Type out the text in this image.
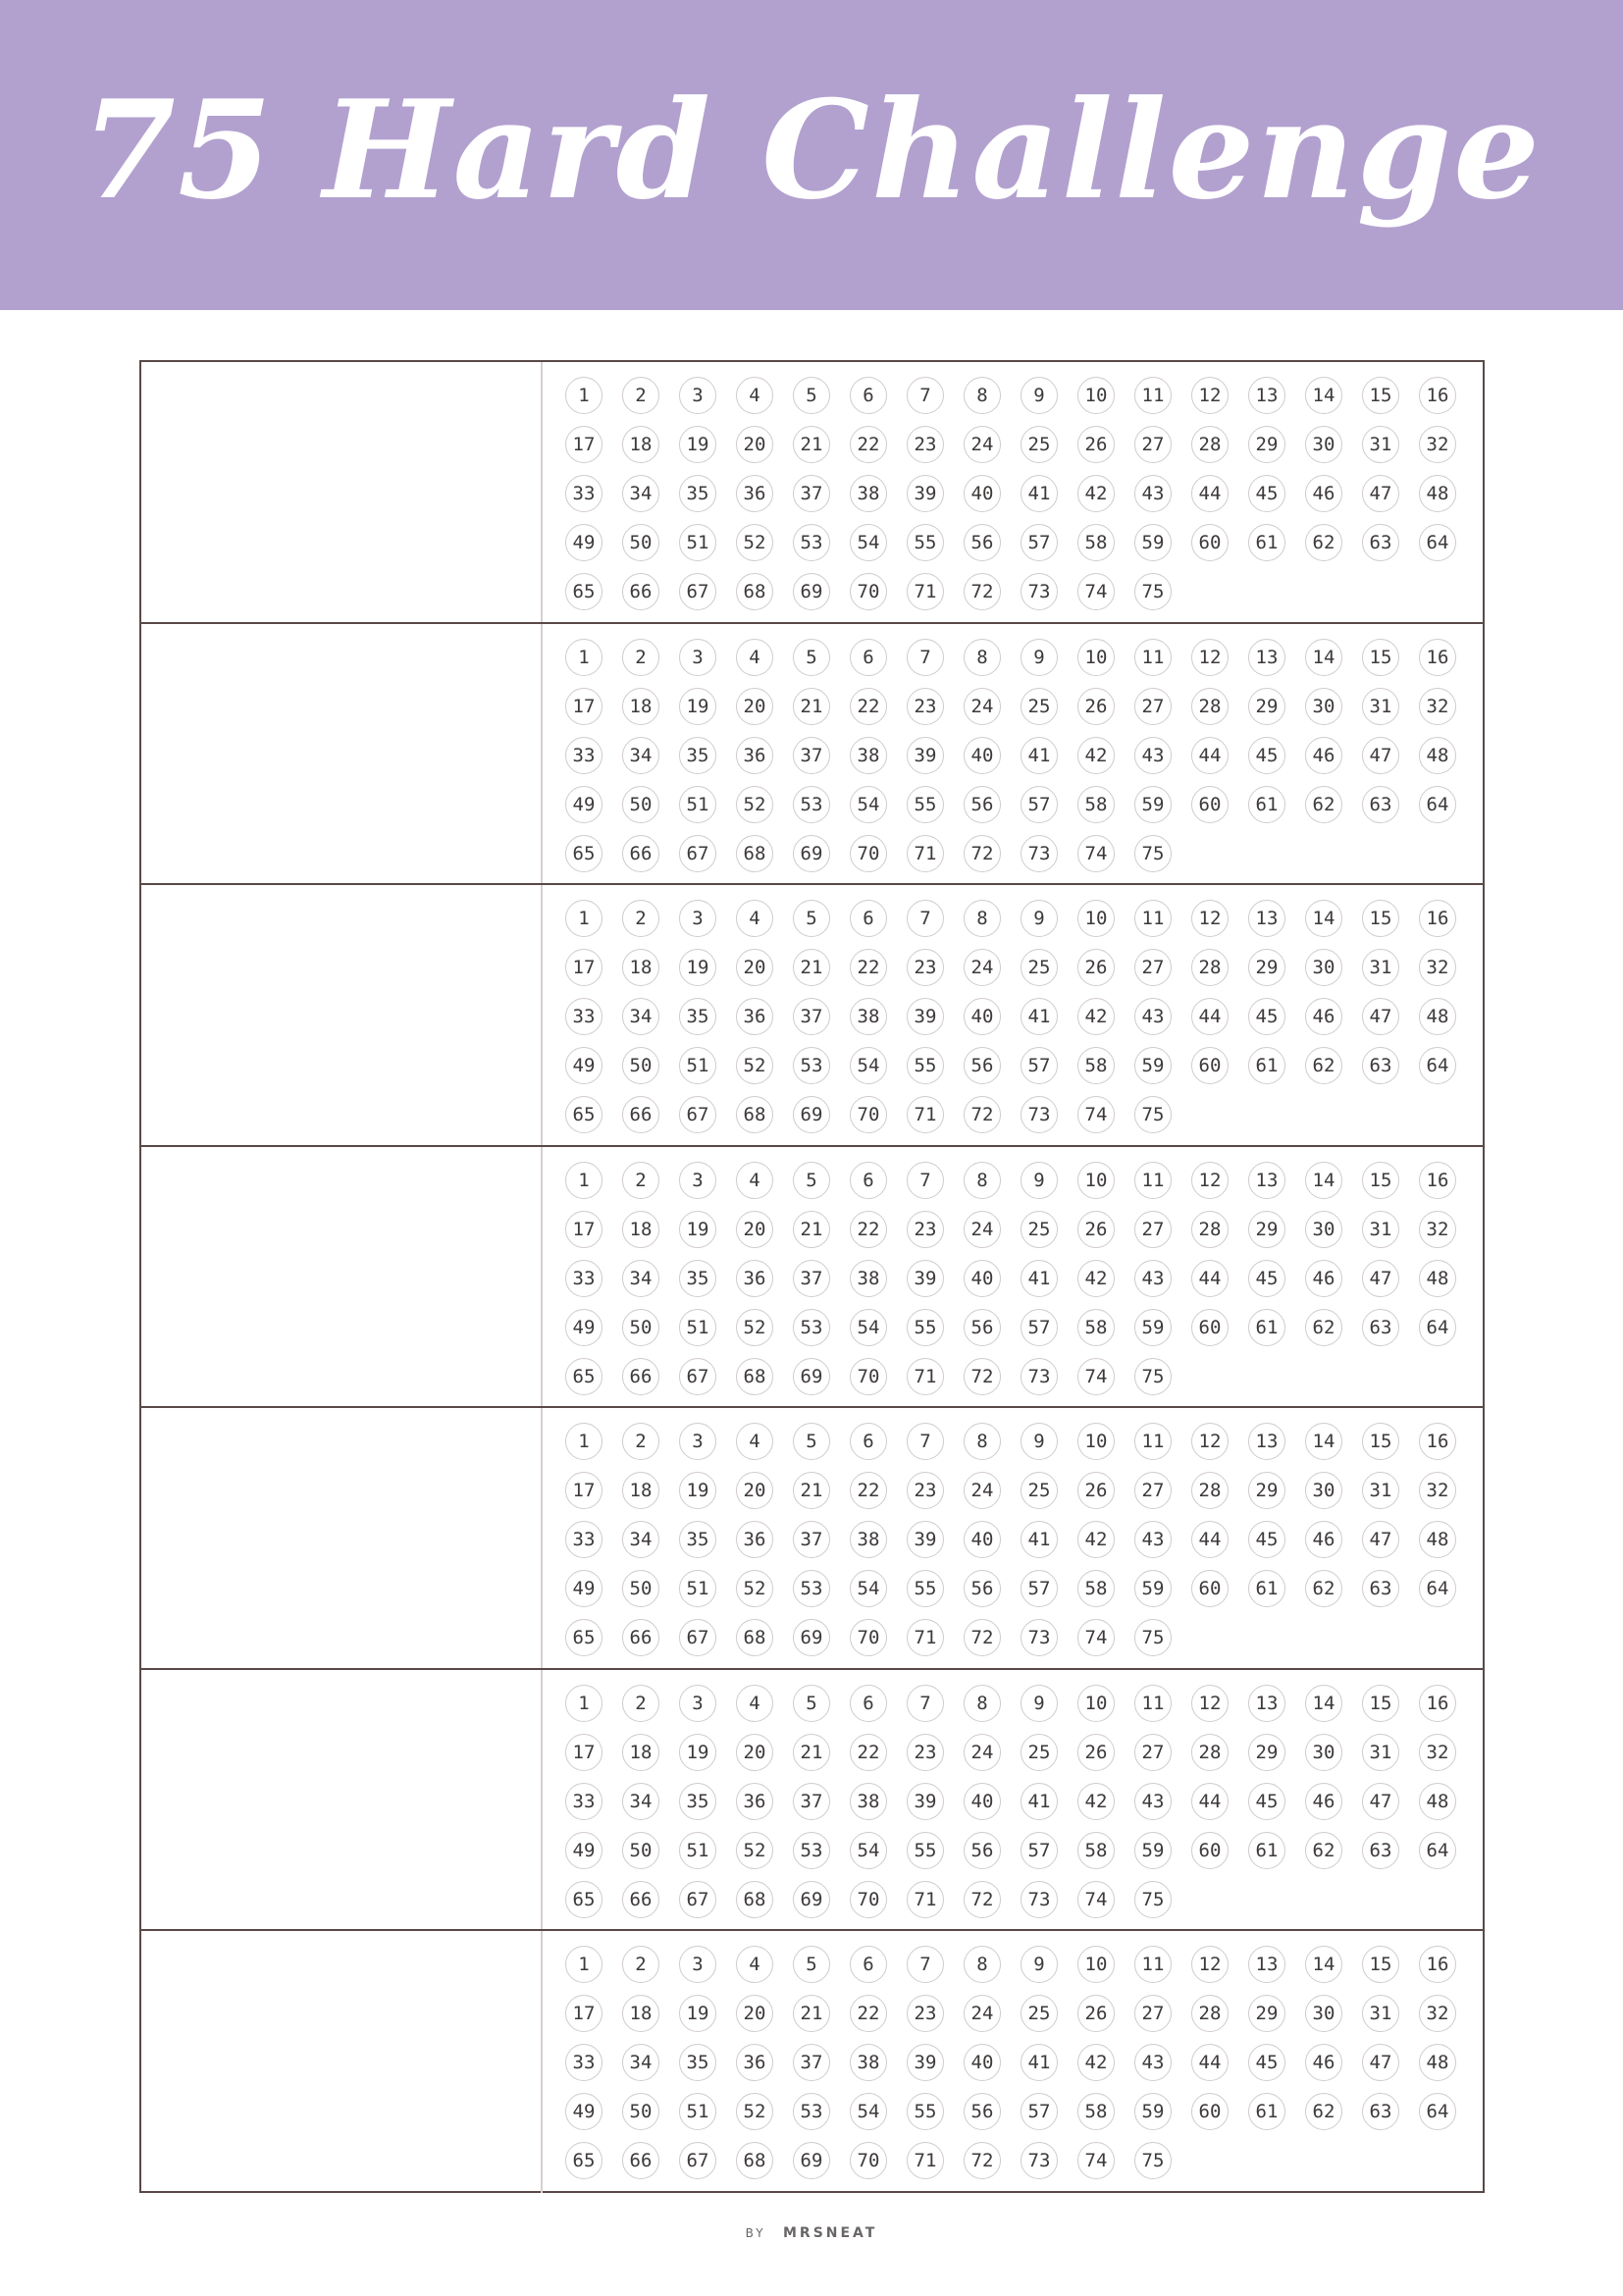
75 Hard Challenge
1	2	3	4	5	6	7	8	9	10	11	12	13	14	15	16
17	18	19	20	21	22	23	24	25	26	27	28	29	30	31	32
33	34	35	36	37	38	39	40	41	42	43	44	45	46	47	48
49	50	51	52	53	54	55	56	57	58	59	60	61	62	63	64
65	66	67	68	69	70	71	72	73	74	75
1	2	3	4	5	6	7	8	9	10	11	12	13	14	15	16
17	18	19	20	21	22	23	24	25	26	27	28	29	30	31	32
33	34	35	36	37	38	39	40	41	42	43	44	45	46	47	48
49	50	51	52	53	54	55	56	57	58	59	60	61	62	63	64
65	66	67	68	69	70	71	72	73	74	75
1	2	3	4	5	6	7	8	9	10	11	12	13	14	15	16
17	18	19	20	21	22	23	24	25	26	27	28	29	30	31	32
33	34	35	36	37	38	39	40	41	42	43	44	45	46	47	48
49	50	51	52	53	54	55	56	57	58	59	60	61	62	63	64
65	66	67	68	69	70	71	72	73	74	75
1	2	3	4	5	6	7	8	9	10	11	12	13	14	15	16
17	18	19	20	21	22	23	24	25	26	27	28	29	30	31	32
33	34	35	36	37	38	39	40	41	42	43	44	45	46	47	48
49	50	51	52	53	54	55	56	57	58	59	60	61	62	63	64
65	66	67	68	69	70	71	72	73	74	75
1	2	3	4	5	6	7	8	9	10	11	12	13	14	15	16
17	18	19	20	21	22	23	24	25	26	27	28	29	30	31	32
33	34	35	36	37	38	39	40	41	42	43	44	45	46	47	48
49	50	51	52	53	54	55	56	57	58	59	60	61	62	63	64
65	66	67	68	69	70	71	72	73	74	75
1	2	3	4	5	6	7	8	9	10	11	12	13	14	15	16
17	18	19	20	21	22	23	24	25	26	27	28	29	30	31	32
33	34	35	36	37	38	39	40	41	42	43	44	45	46	47	48
49	50	51	52	53	54	55	56	57	58	59	60	61	62	63	64
65	66	67	68	69	70	71	72	73	74	75
1	2	3	4	5	6	7	8	9	10	11	12	13	14	15	16
17	18	19	20	21	22	23	24	25	26	27	28	29	30	31	32
33	34	35	36	37	38	39	40	41	42	43	44	45	46	47	48
49	50	51	52	53	54	55	56	57	58	59	60	61	62	63	64
65	66	67	68	69	70	71	72	73	74	75
BY MRSNEAT
